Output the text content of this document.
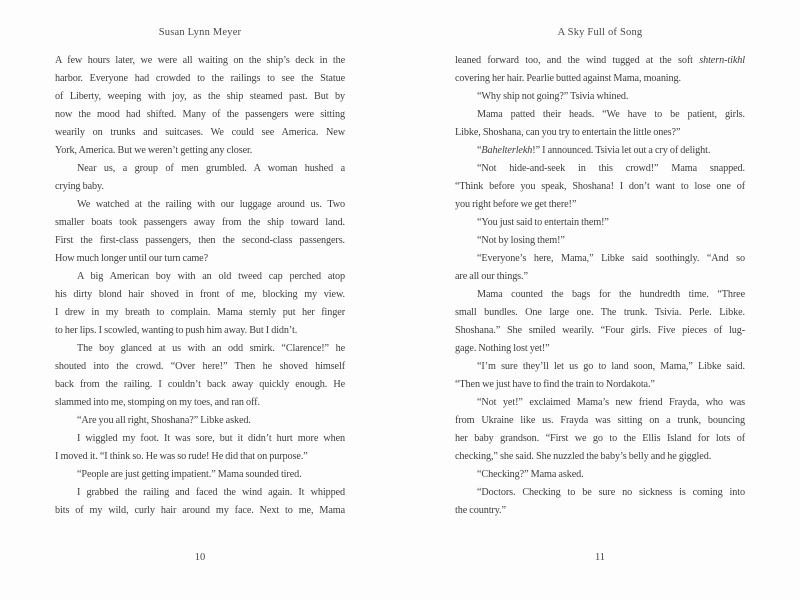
Susan Lynn Meyer
A few hours later, we were all waiting on the ship’s deck in the
harbor. Everyone had crowded to the railings to see the Statue
of Liberty, weeping with joy, as the ship steamed past. But by
now the mood had shifted. Many of the passengers were sitting
wearily on trunks and suitcases. We could see America. New
York, America. But we weren’t getting any closer.
Near us, a group of men grumbled. A woman hushed a
crying baby.
We watched at the railing with our luggage around us. Two
smaller boats took passengers away from the ship toward land.
First the first-class passengers, then the second-class passengers.
How much longer until our turn came?
A big American boy with an old tweed cap perched atop
his dirty blond hair shoved in front of me, blocking my view.
I drew in my breath to complain. Mama sternly put her finger
to her lips. I scowled, wanting to push him away. But I didn’t.
The boy glanced at us with an odd smirk. “Clarence!” he
shouted into the crowd. “Over here!” Then he shoved himself
back from the railing. I couldn’t back away quickly enough. He
slammed into me, stomping on my toes, and ran off.
“Are you all right, Shoshana?” Libke asked.
I wiggled my foot. It was sore, but it didn’t hurt more when
I moved it. “I think so. He was so rude! He did that on purpose.”
“People are just getting impatient.” Mama sounded tired.
I grabbed the railing and faced the wind again. It whipped
bits of my wild, curly hair around my face. Next to me, Mama
10
A Sky Full of Song
leaned forward too, and the wind tugged at the soft shtern-tikhl
covering her hair. Pearlie butted against Mama, moaning.
“Why ship not going?” Tsivia whined.
Mama patted their heads. “We have to be patient, girls.
Libke, Shoshana, can you try to entertain the little ones?”
“Bahelterlekh!” I announced. Tsivia let out a cry of delight.
“Not hide-and-seek in this crowd!” Mama snapped.
“Think before you speak, Shoshana! I don’t want to lose one of
you right before we get there!”
“You just said to entertain them!”
“Not by losing them!”
“Everyone’s here, Mama,” Libke said soothingly. “And so
are all our things.”
Mama counted the bags for the hundredth time. “Three
small bundles. One large one. The trunk. Tsivia. Perle. Libke.
Shoshana.” She smiled wearily. “Four girls. Five pieces of lug-
gage. Nothing lost yet!”
“I’m sure they’ll let us go to land soon, Mama,” Libke said.
“Then we just have to find the train to Nordakota.”
“Not yet!” exclaimed Mama’s new friend Frayda, who was
from Ukraine like us. Frayda was sitting on a trunk, bouncing
her baby grandson. “First we go to the Ellis Island for lots of
checking,” she said. She nuzzled the baby’s belly and he giggled.
“Checking?” Mama asked.
“Doctors. Checking to be sure no sickness is coming into
the country.”
11
